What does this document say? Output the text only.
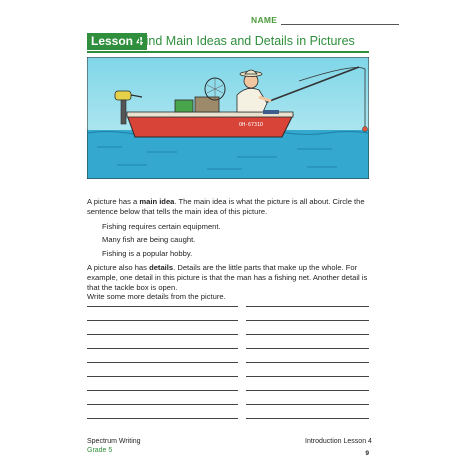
NAME
Lesson 4
Find Main Ideas and Details in Pictures
OH-6731D
A picture has a main idea. The main idea is what the picture is all about. Circle the sentence below that tells the main idea of this picture.
Fishing requires certain equipment.
Many fish are being caught.
Fishing is a popular hobby.
A picture also has details. Details are the little parts that make up the whole. For example, one detail in this picture is that the man has a fishing net. Another detail is that the tackle box is open.
Write some more details from the picture.
Spectrum Writing
Grade 5
Introduction Lesson 4
9
